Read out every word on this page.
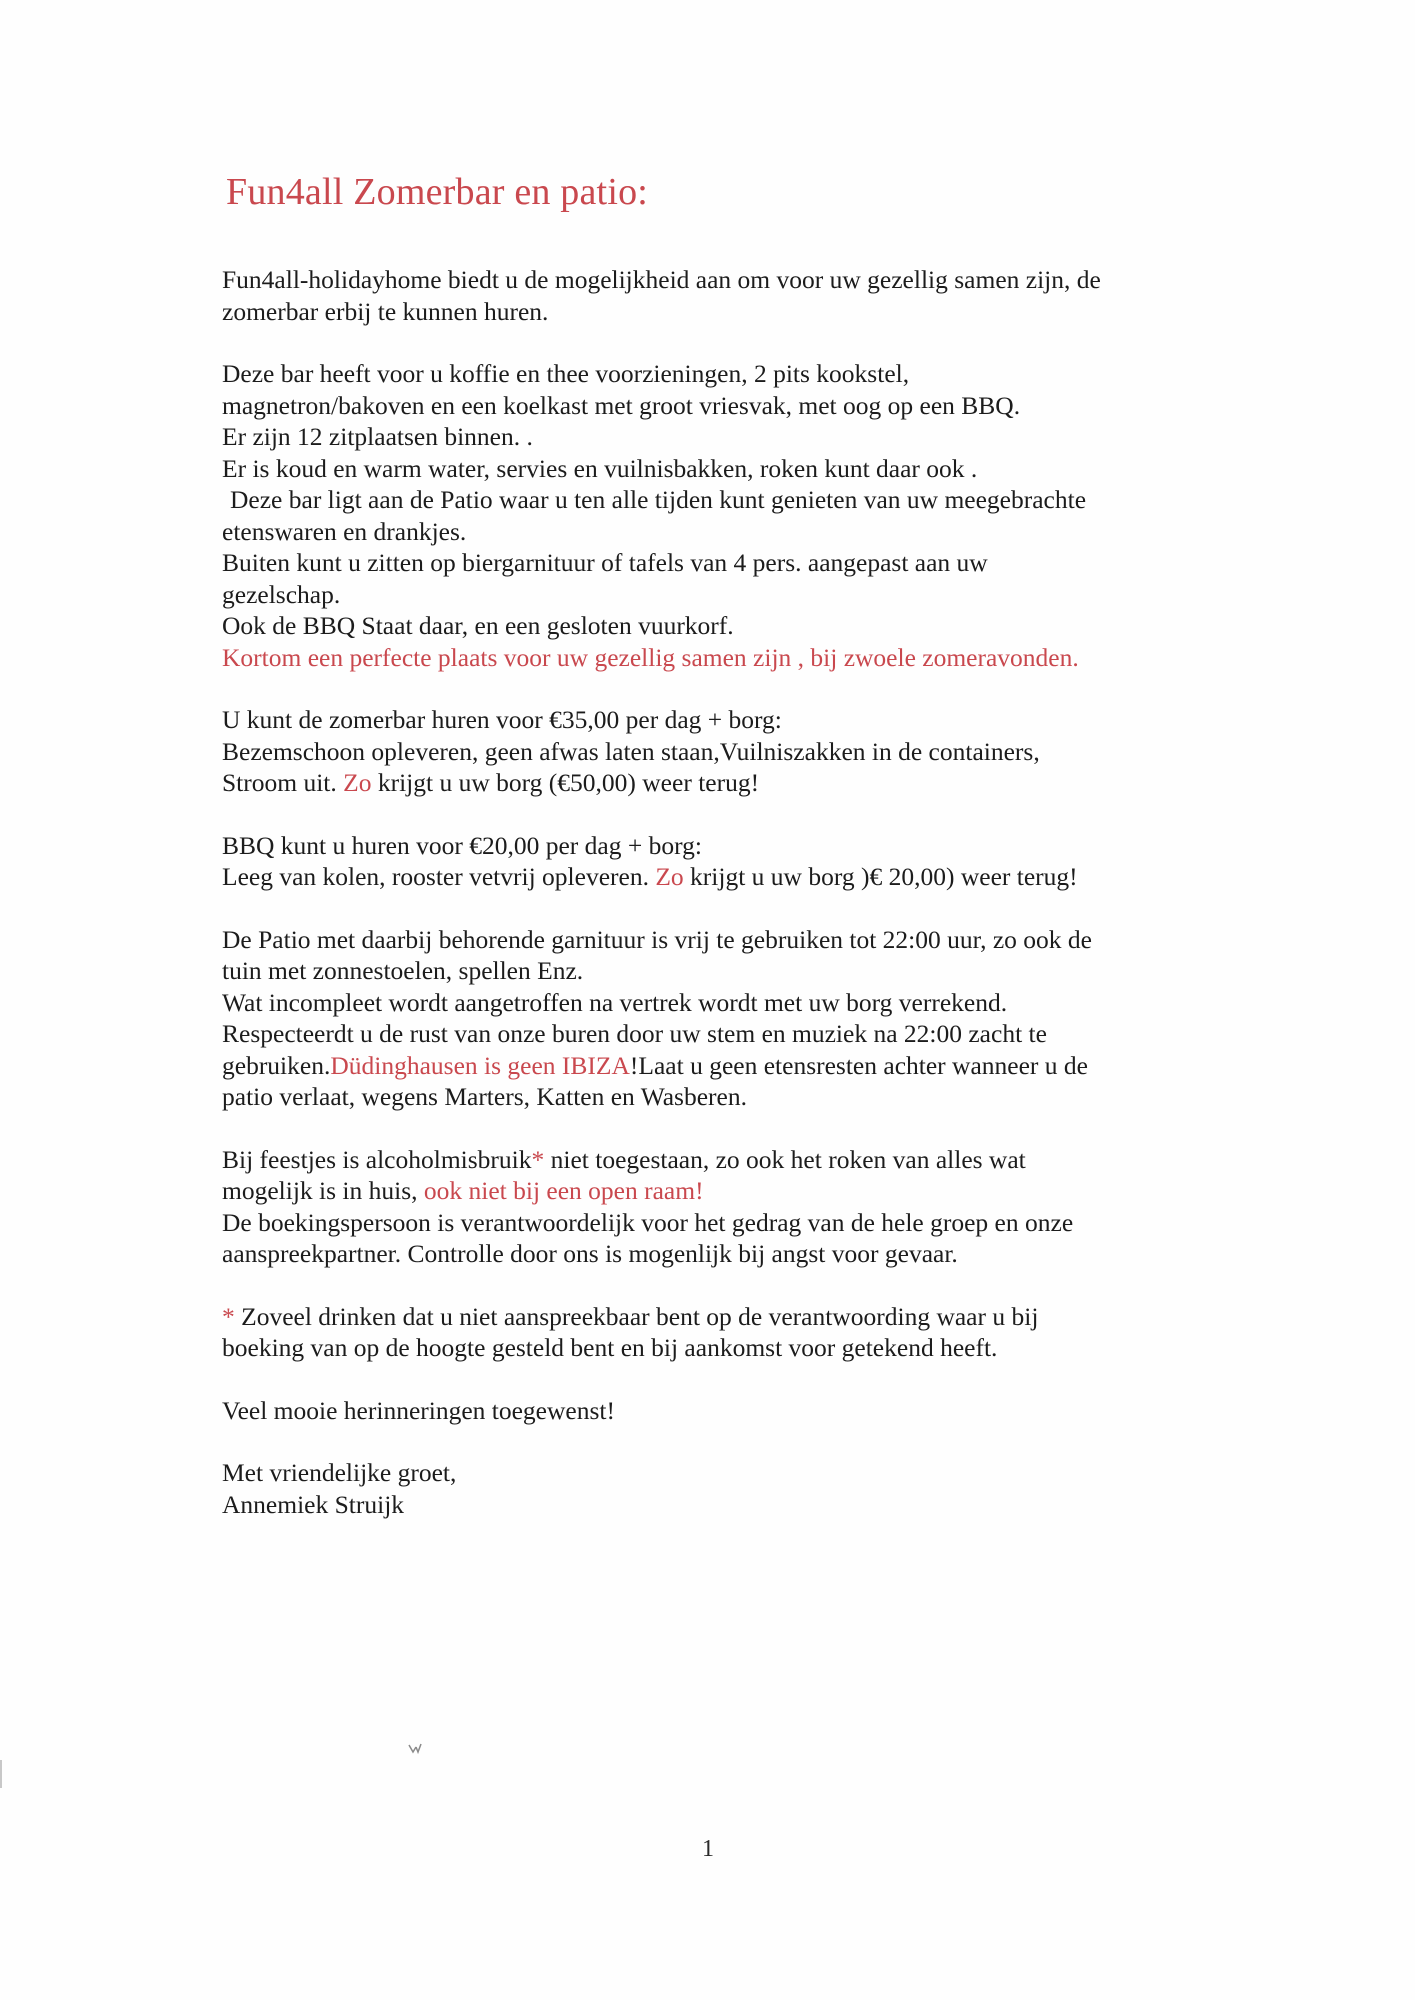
Fun4all Zomerbar en patio:
Fun4all-holidayhome biedt u de mogelijkheid aan om voor uw gezellig samen zijn, de
zomerbar erbij te kunnen huren.
Deze bar heeft voor u koffie en thee voorzieningen, 2 pits kookstel,
magnetron/bakoven en een koelkast met groot vriesvak, met oog op een BBQ.
Er zijn 12 zitplaatsen binnen. .
Er is koud en warm water, servies en vuilnisbakken, roken kunt daar ook .
Deze bar ligt aan de Patio waar u ten alle tijden kunt genieten van uw meegebrachte
etenswaren en drankjes.
Buiten kunt u zitten op biergarnituur of tafels van 4 pers. aangepast aan uw
gezelschap.
Ook de BBQ Staat daar, en een gesloten vuurkorf.
Kortom een perfecte plaats voor uw gezellig samen zijn , bij zwoele zomeravonden.
U kunt de zomerbar huren voor €35,00 per dag + borg:
Bezemschoon opleveren, geen afwas laten staan,Vuilniszakken in de containers,
Stroom uit. Zo krijgt u uw borg (€50,00) weer terug!
BBQ kunt u huren voor €20,00 per dag + borg:
Leeg van kolen, rooster vetvrij opleveren. Zo krijgt u uw borg )€ 20,00) weer terug!
De Patio met daarbij behorende garnituur is vrij te gebruiken tot 22:00 uur, zo ook de
tuin met zonnestoelen, spellen Enz.
Wat incompleet wordt aangetroffen na vertrek wordt met uw borg verrekend.
Respecteerdt u de rust van onze buren door uw stem en muziek na 22:00 zacht te
gebruiken.Düdinghausen is geen IBIZA!Laat u geen etensresten achter wanneer u de
patio verlaat, wegens Marters, Katten en Wasberen.
Bij feestjes is alcoholmisbruik* niet toegestaan, zo ook het roken van alles wat
mogelijk is in huis, ook niet bij een open raam!
De boekingspersoon is verantwoordelijk voor het gedrag van de hele groep en onze
aanspreekpartner. Controlle door ons is mogenlijk bij angst voor gevaar.
* Zoveel drinken dat u niet aanspreekbaar bent op de verantwoording waar u bij
boeking van op de hoogte gesteld bent en bij aankomst voor getekend heeft.
Veel mooie herinneringen toegewenst!
Met vriendelijke groet,
Annemiek Struijk
1
